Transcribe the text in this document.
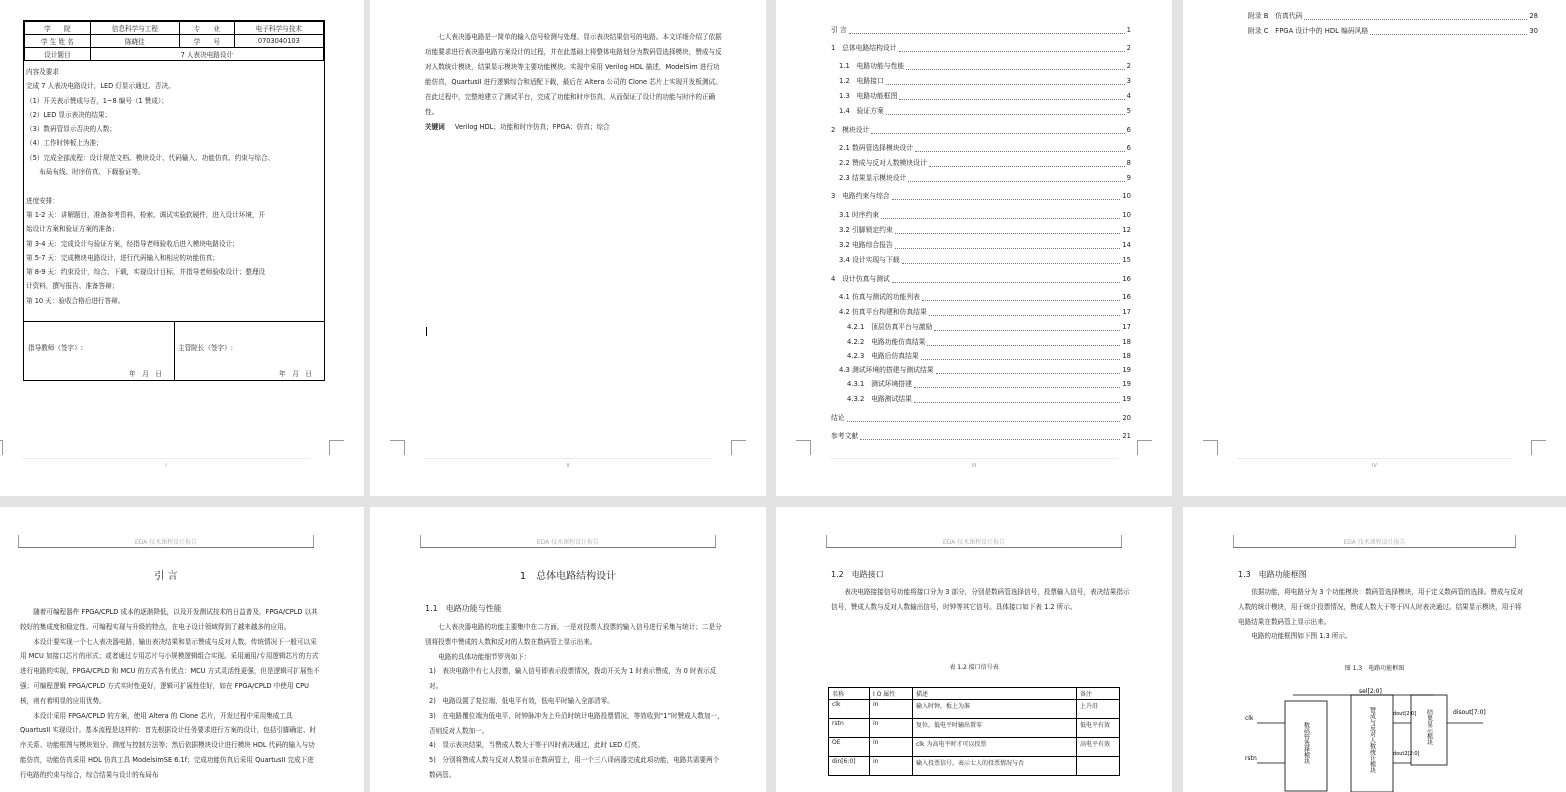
学　　院	信息科学与工程	专　　业	电子科学与技术
学 生 姓 名	陈晓佳	学　　号	0703040103
设计题目	7 人表决电路设计		
内容及要求
完成 7 人表决电路设计，LED 灯显示通过、否决。
（1）开关表示赞成与否，1~8 编号（1 赞成）；
（2）LED 显示表决的结果；
（3）数码管显示否决的人数；
（4）工作时钟板上为准；
（5）完成全部流程：设计规范文档、模块设计、代码输入、功能仿真、约束与综合、
　　布局布线、时序仿真、下载验证等。

进度安排：
第 1-2 天：讲解题目，准备参考资料，检索、调试实验软硬件，进入设计环境，开
始设计方案和验证方案的准备；
第 3-4 天：完成设计与验证方案，经指导老师验收后进入模块电路设计；
第 5-7 天：完成模块电路设计，进行代码输入和相应的功能仿真；
第 8-9 天：约束设计，综合、下载，实现设计目标，并指导老师验收设计；整理设
计资料，撰写报告、准备答辩；
第 10 天：验收合格后进行答辩。
指导教师（签字）:
年　月　日
主管院长（签字）:
年　月　日
I
七人表决器电路是一简单的输入信号检测与处理、显示表决结果信号的电路。本文详细介绍了依据功能要求进行表决器电路方案设计的过程，并在此基础上将整体电路划分为数码管选择模块，赞成与反对人数统计模块，结果显示模块等主要功能模块。实现中采用 Verilog HDL 描述，ModelSim 进行功能仿真，QuartusII 进行逻辑综合和适配下载，最后在 Altera 公司的 Clone 芯片上实现开发板测试。在此过程中，完整地建立了测试平台，完成了功能和时序仿真，从而保证了设计的功能与时序的正确性。
关键词 Verilog HDL；功能和时序仿真；FPGA；仿真；综合
II
引 言	1
1　总体电路结构设计	2
1.1　电路功能与性能	2
1.2　电路接口	3
1.3　电路功能框图	4
1.4　验证方案	5
2　模块设计	6
2.1 数码管选择模块设计	6
2.2 赞成与反对人数模块设计	8
2.3 结果显示模块设计	9
3　电路约束与综合	10
3.1 时序约束	10
3.2 引脚锁定约束	12
3.2 电路综合报告	14
3.4 设计实现与下载	15
4　设计仿真与测试	16
4.1 仿真与测试的功能列表	16
4.2 仿真平台构建和仿真结果	17
4.2.1　顶层仿真平台与激励	17
4.2.2　电路功能仿真结果	18
4.2.3　电路后仿真结果	18
4.3 测试环境的搭建与测试结果	19
4.3.1　测试环境搭建	19
4.3.2　电路测试结果	19
结论	20
参考文献	21
III
附录 B　仿真代码	28
附录 C　FPGA 设计中的 HDL 编码风格	30
IV
EDA 技术课程设计报告
引 言
随着可编程器件 FPGA/CPLD 成本的逐渐降低，以及开发测试技术的日益普及，FPGA/CPLD 以其较好的集成度和稳定性、可编程实现与升级的特点，在电子设计领域得到了越来越多的应用。
本设计要实现一个七人表决器电路，输出表决结果和显示赞成与反对人数。传统情况下一般可以采用 MCU 加接口芯片的形式；或者通过专用芯片与小规模逻辑组合实现。采用通用/专用逻辑芯片的方式进行电路的实现，FPGA/CPLD 和 MCU 的方式各有优点：MCU 方式灵活性更强，但是逻辑可扩展性不强；可编程逻辑 FPGA/CPLD 方式实时性更好，逻辑可扩展性佳好，如在 FPGA/CPLD 中使用 CPU 核，则有着明显的应用优势。
本设计采用 FPGA/CPLD 的方案，使用 Altera 的 Clone 芯片，开发过程中采用集成工具 QuartusII 实现设计。基本流程是这样的：首先根据设计任务要求进行方案的设计，包括引脚确定、时序关系、功能框图与模块划分、测度与控制方法等；然后依据模块设计进行模块 HDL 代码的输入与功能仿真，功能仿真采用 HDL 仿真工具 ModelsimSE 6.1f；完成功能仿真后采用 QuartusII 完成下进行电路的约束与综合，综合结果与设计的布局布
EDA 技术课程设计报告
1　总体电路结构设计
1.1　电路功能与性能
七人表决器电路的功能主要集中在二方面，一是对投票人投票的输入信号进行采集与统计；二是分别将投票中赞成的人数和反对的人数在数码管上显示出来。
电路的具体功能细节罗列如下：
1)　表决电路中有七人投票，输入信号即表示投票情况，拨动开关为 1 时表示赞成，为 0 时表示反对。
2)　电路设置了复位端，低电平有效，低电平时输入全部清零。
3)　在电路覆位端为低电平，时钟脉冲为上升沿时统计电路投票情况，等效收到“1”时赞成人数加一，否则反对人数加一。
4)　显示表决结果，当赞成人数大于等于四时表决通过，此时 LED 灯亮。
5)　分别将赞成人数与反对人数显示在数码管上，用一个三八译码器完成此项功能，电路共需要两个数码管。
EDA 技术课程设计报告
1.2　电路接口
表决电路接接信号功能将接口分为 3 部分，分别是数码管选择信号，投票输入信号，表决结果指示信号，赞成人数与反对人数输出信号，时钟等其它信号。具体接口如下表 1.2 所示。
表 1.2 接口信号表
名称	I O 属性	描述	备注
clk	in	输入时钟，板上为准	上升沿
rstn	in	复位，低电平时输出置零	低电平有效
OE	in	clk 为高电平时才可以投票	高电平有效
din[6:0]	in	输入投票信号，表示七人的投票情况与否	
EDA 技术课程设计报告
1.3　电路功能框图
依据功能，将电路分为 3 个功能模块：数码管选择模块，用于定义数码管的选择。赞成与反对人数的统计模块，用于统计投票情况，赞成人数大于等于四人时表决通过。结果显示模块，用于将电路结果在数码管上显示出来。
电路的功能框图如下图 1.3 所示。
图 1.3　电路功能框图
sel[2:0]
clk
rstn	数码管选择模块	赞成与反对人数统计模块	结果显示模块
dout[2:0]
dout2[2:0]
disout[7:0]
